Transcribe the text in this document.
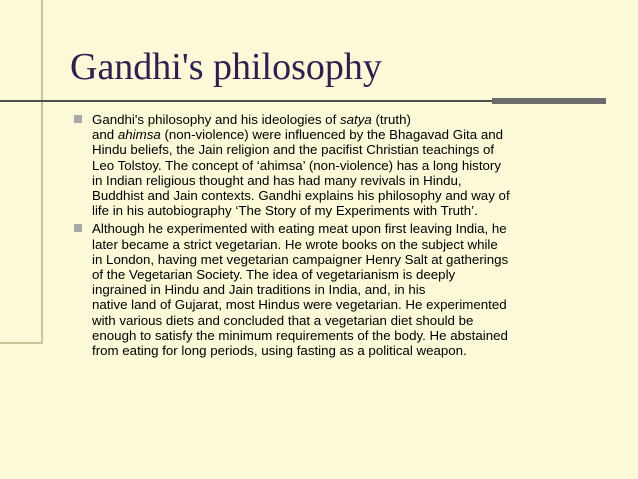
Gandhi's philosophy
Gandhi's philosophy and his ideologies of satya (truth)
and ahimsa (non-violence) were influenced by the Bhagavad Gita and
Hindu beliefs, the Jain religion and the pacifist Christian teachings of
Leo Tolstoy. The concept of ‘ahimsa’ (non-violence) has a long history
in Indian religious thought and has had many revivals in Hindu,
Buddhist and Jain contexts. Gandhi explains his philosophy and way of
life in his autobiography ‘The Story of my Experiments with Truth’.
Although he experimented with eating meat upon first leaving India, he
later became a strict vegetarian. He wrote books on the subject while
in London, having met vegetarian campaigner Henry Salt at gatherings
of the Vegetarian Society. The idea of vegetarianism is deeply
ingrained in Hindu and Jain traditions in India, and, in his
native land of Gujarat, most Hindus were vegetarian. He experimented
with various diets and concluded that a vegetarian diet should be
enough to satisfy the minimum requirements of the body. He abstained
from eating for long periods, using fasting as a political weapon.
